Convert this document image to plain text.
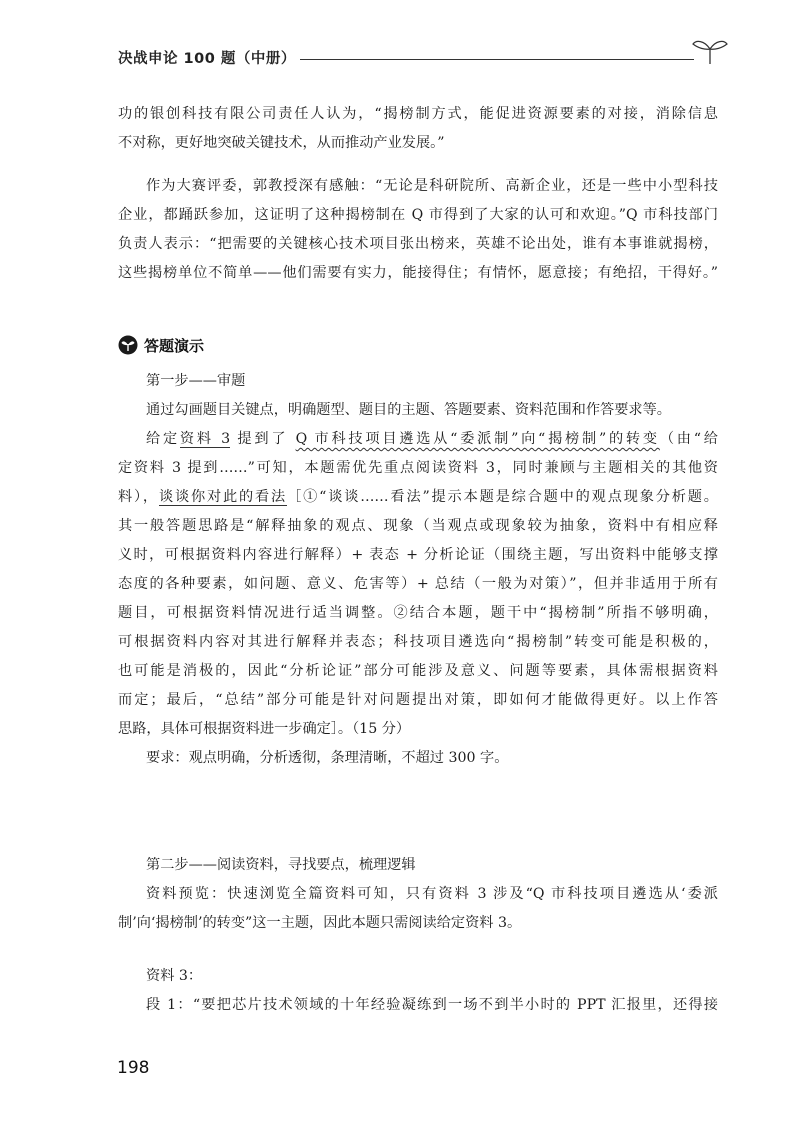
决战申论 100 题（中册）
功的银创科技有限公司责任人认为，“揭榜制方式，能促进资源要素的对接，消除信息
不对称，更好地突破关键技术，从而推动产业发展。”
作为大赛评委，郭教授深有感触：“无论是科研院所、高新企业，还是一些中小型科技
企业，都踊跃参加，这证明了这种揭榜制在 Q 市得到了大家的认可和欢迎。”Q 市科技部门
负责人表示：“把需要的关键核心技术项目张出榜来，英雄不论出处，谁有本事谁就揭榜，
这些揭榜单位不简单——他们需要有实力，能接得住；有情怀，愿意接；有绝招，干得好。”
答题演示
第一步——审题
通过勾画题目关键点，明确题型、题目的主题、答题要素、资料范围和作答要求等。
给定资料 3 提到了 Q 市科技项目遴选从“委派制”向“揭榜制”的转变（由“给
定资料 3 提到……”可知，本题需优先重点阅读资料 3，同时兼顾与主题相关的其他资
料），谈谈你对此的看法［①“谈谈……看法”提示本题是综合题中的观点现象分析题。
其一般答题思路是“解释抽象的观点、现象（当观点或现象较为抽象，资料中有相应释
义时，可根据资料内容进行解释）+ 表态 + 分析论证（围绕主题，写出资料中能够支撑
态度的各种要素，如问题、意义、危害等）+ 总结（一般为对策）”，但并非适用于所有
题目，可根据资料情况进行适当调整。②结合本题，题干中“揭榜制”所指不够明确，
可根据资料内容对其进行解释并表态；科技项目遴选向“揭榜制”转变可能是积极的，
也可能是消极的，因此“分析论证”部分可能涉及意义、问题等要素，具体需根据资料
而定；最后，“总结”部分可能是针对问题提出对策，即如何才能做得更好。以上作答
思路，具体可根据资料进一步确定］。（15 分）
要求：观点明确，分析透彻，条理清晰，不超过 300 字。
第二步——阅读资料，寻找要点，梳理逻辑
资料预览：快速浏览全篇资料可知，只有资料 3 涉及“Q 市科技项目遴选从‘委派
制’向‘揭榜制’的转变”这一主题，因此本题只需阅读给定资料 3。
资料 3：
段 1：“要把芯片技术领域的十年经验凝练到一场不到半小时的 PPT 汇报里，还得接
198
